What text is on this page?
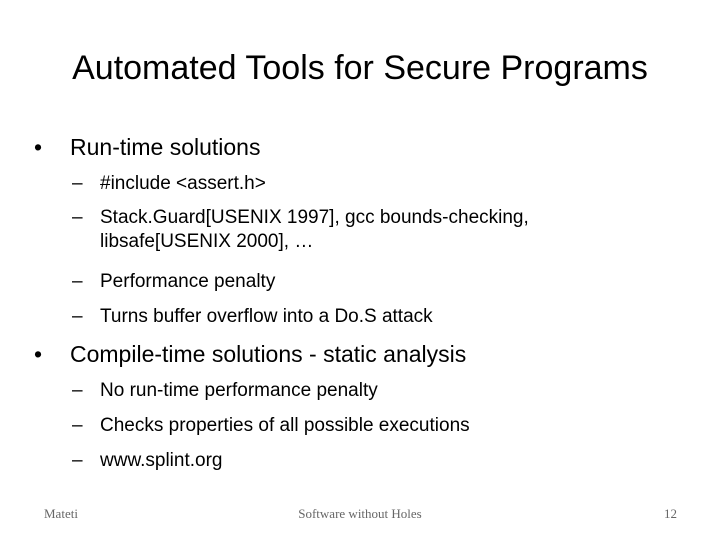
Automated Tools for Secure Programs
•	Run-time solutions
– #include <assert.h>
– Stack.Guard[USENIX 1997], gcc bounds-checking, libsafe[USENIX 2000], …
– Performance penalty
– Turns buffer overflow into a Do.S attack
•	Compile-time solutions - static analysis
– No run-time performance penalty
– Checks properties of all possible executions
– www.splint.org
Mateti	Software without Holes	12
